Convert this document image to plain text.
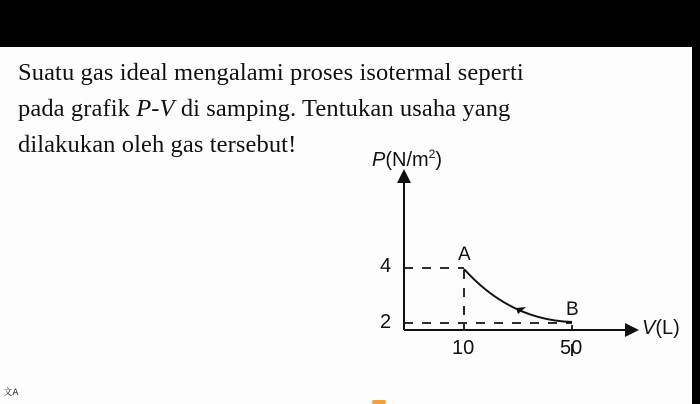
Suatu gas ideal mengalami proses isotermal seperti
pada grafik P-V di samping. Tentukan usaha yang
dilakukan oleh gas tersebut!
4
2
10	50
A
B
$P(N/m^2)$
V(L)
文A
